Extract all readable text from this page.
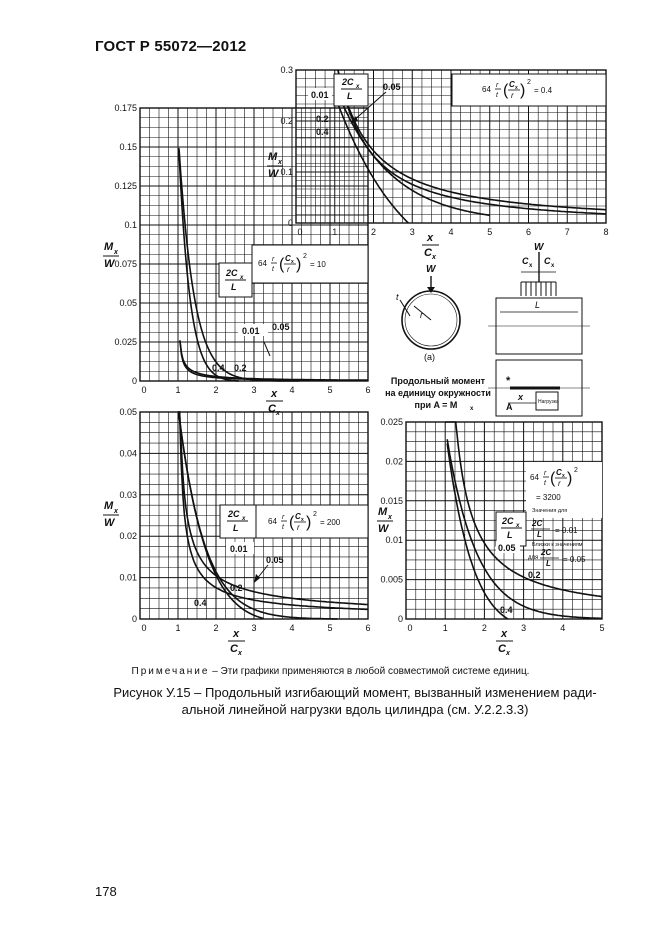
ГОСТ Р 55072—2012
0	1	2	3	4	5	6
0
0.025
0.05
0.075
0.1
0.125
0.15
0.175
64 r
t ( C x
r ) 2
= 10
2C x
L
0.01 0.05
0.4 0.2
M x
W
x
C x
0	1	2	3	4	5	6	7	8
0
0.1
0.2
0.3
2C x
L
64 r
t ( C x
r ) 2
= 0.4
0.01
0.05
0.2
0.4
M x
W
x
C x
0	1	2	3	4	5	6
0
0.01
0.02
0.03
0.04
0.05
2C x
L
64 r
t ( C x
r ) 2
= 200
0.01
0.05
0.2
0.4
M x
W
x
C x
0	1	2	3	4	5
0
0.005
0.01
0.015
0.02
0.025
64 r
t ( C x
r ) 2
= 3200
2C x
L
Значения для
2C
L = 0.01
Близки к значениям
для
2C
L = 0.05
0.05
0.2
0.4
M x
W
x
C x
r
W
t
(a)
Продольный момент
на единицу окружности
при A = M x
L
W
C x C x
*
x
A	Нагрузка
Примечание – Эти графики применяются в любой совместимой системе единиц.
Рисунок У.15 – Продольный изгибающий момент, вызванный изменением ради-
альной линейной нагрузки вдоль цилиндра (см. У.2.2.3.3)
178
